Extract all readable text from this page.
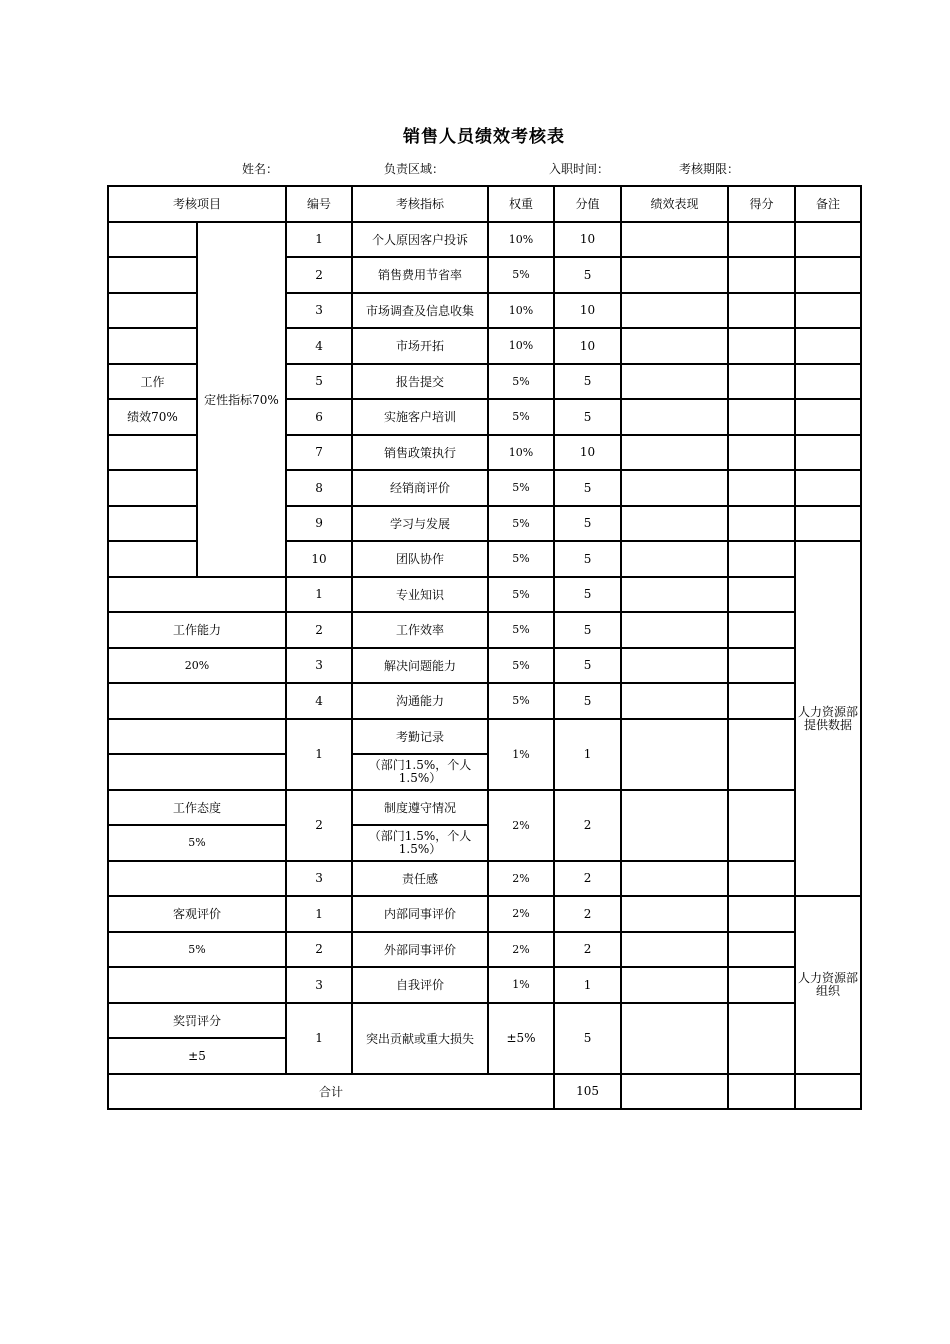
销售人员绩效考核表
姓名：	负责区域：	入职时间：	考核期限：
考核项目		编号	考核指标	权重	分值	绩效表现	得分	备注
	定性指标70%	1	个人原因客户投诉	10%	10			
		2	销售费用节省率	5%	5			
		3	市场调查及信息收集	10%	10			
		4	市场开拓	10%	10			
工作		5	报告提交	5%	5			
绩效70%		6	实施客户培训	5%	5			
		7	销售政策执行	10%	10			
		8	经销商评价	5%	5			
		9	学习与发展	5%	5			
		10	团队协作	5%	5			人力资源部提供数据
		1	专业知识	5%	5			
工作能力		2	工作效率	5%	5			
20%		3	解决问题能力	5%	5			
		4	沟通能力	5%	5			
		1	考勤记录	1%	1			
			（部门1.5%，个人1.5%）					
工作态度		2	制度遵守情况	2%	2			
5%			（部门1.5%，个人1.5%）					
		3	责任感	2%	2			
客观评价		1	内部同事评价	2%	2			人力资源部组织
5%		2	外部同事评价	2%	2			
		3	自我评价	1%	1			
奖罚评分		1	突出贡献或重大损失	±5%	5			
±5								
合计					105			
